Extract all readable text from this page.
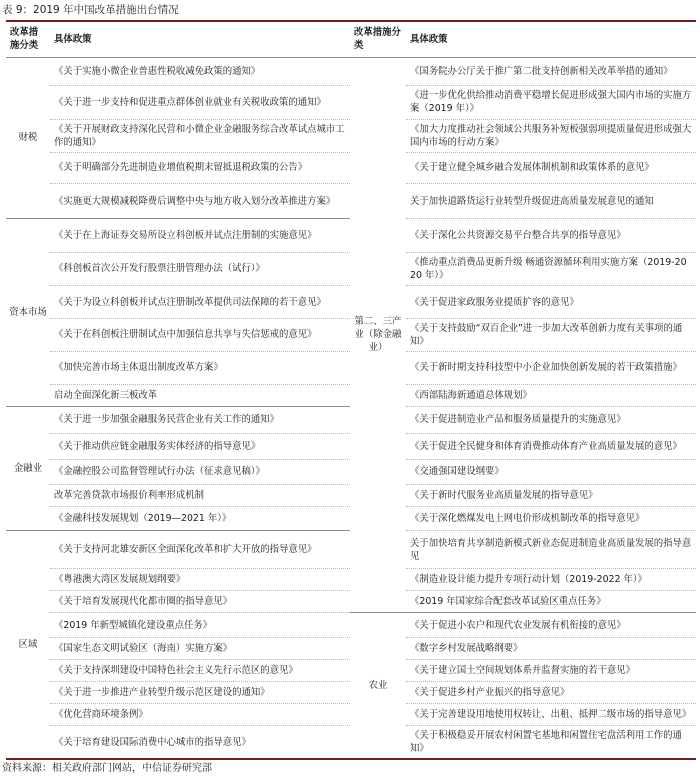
表 9：2019 年中国改革措施出台情况
改革措施分类	具体政策	改革措施分类	具体政策
财税	《关于实施小微企业普惠性税收减免政策的通知》	第二、三产业（除金融业）	《国务院办公厅关于推广第二批支持创新相关改革举措的通知》
	《关于进一步支持和促进重点群体创业就业有关税收政策的通知》		《进一步优化供给推动消费平稳增长促进形成强大国内市场的实施方案（2019 年）》
	《关于开展财政支持深化民营和小微企业金融服务综合改革试点城市工作的通知》		《加大力度推动社会领域公共服务补短板强弱项提质量促进形成强大国内市场的行动方案》
	《关于明确部分先进制造业增值税期末留抵退税政策的公告》		《关于建立健全城乡融合发展体制机制和政策体系的意见》
	《实施更大规模减税降费后调整中央与地方收入划分改革推进方案》		关于加快道路货运行业转型升级促进高质量发展意见的通知
资本市场	《关于在上海证券交易所设立科创板并试点注册制的实施意见》		《关于深化公共资源交易平台整合共享的指导意见》
	《科创板首次公开发行股票注册管理办法（试行）》		《推动重点消费品更新升级 畅通资源循环利用实施方案（2019-2020 年）》
	《关于为设立科创板并试点注册制改革提供司法保障的若干意见》		《关于促进家政服务业提质扩容的意见》
	《关于在科创板注册制试点中加强信息共享与失信惩戒的意见》		《关于支持鼓励“双百企业”进一步加大改革创新力度有关事项的通知》
	《加快完善市场主体退出制度改革方案》		《关于新时期支持科技型中小企业加快创新发展的若干政策措施》
	启动全面深化新三板改革		《西部陆海新通道总体规划》
金融业	《关于进一步加强金融服务民营企业有关工作的通知》		《关于促进制造业产品和服务质量提升的实施意见》
	《关于推动供应链金融服务实体经济的指导意见》		《关于促进全民健身和体育消费推动体育产业高质量发展的意见》
	《金融控股公司监督管理试行办法（征求意见稿）》		《交通强国建设纲要》
	改革完善贷款市场报价利率形成机制		《关于新时代服务业高质量发展的指导意见》
	《金融科技发展规划（2019—2021 年）》		《关于深化燃煤发电上网电价形成机制改革的指导意见》
区域	《关于支持河北雄安新区全面深化改革和扩大开放的指导意见》		关于加快培育共享制造新模式新业态促进制造业高质量发展的指导意见
	《粤港澳大湾区发展规划纲要》		《制造业设计能力提升专项行动计划（2019-2022 年）》
	《关于培育发展现代化都市圈的指导意见》		《2019 年国家综合配套改革试验区重点任务》
	《2019 年新型城镇化建设重点任务》	农业	《关于促进小农户和现代农业发展有机衔接的意见》
	《国家生态文明试验区（海南）实施方案》		《数字乡村发展战略纲要》
	《关于支持深圳建设中国特色社会主义先行示范区的意见》		《关于建立国土空间规划体系并监督实施的若干意见》
	《关于进一步推进产业转型升级示范区建设的通知》		《关于促进乡村产业振兴的指导意见》
	《优化营商环境条例》		《关于完善建设用地使用权转让、出租、抵押二级市场的指导意见》
	《关于培育建设国际消费中心城市的指导意见》		《关于积极稳妥开展农村闲置宅基地和闲置住宅盘活利用工作的通知》
资料来源：相关政府部门网站，中信证券研究部
